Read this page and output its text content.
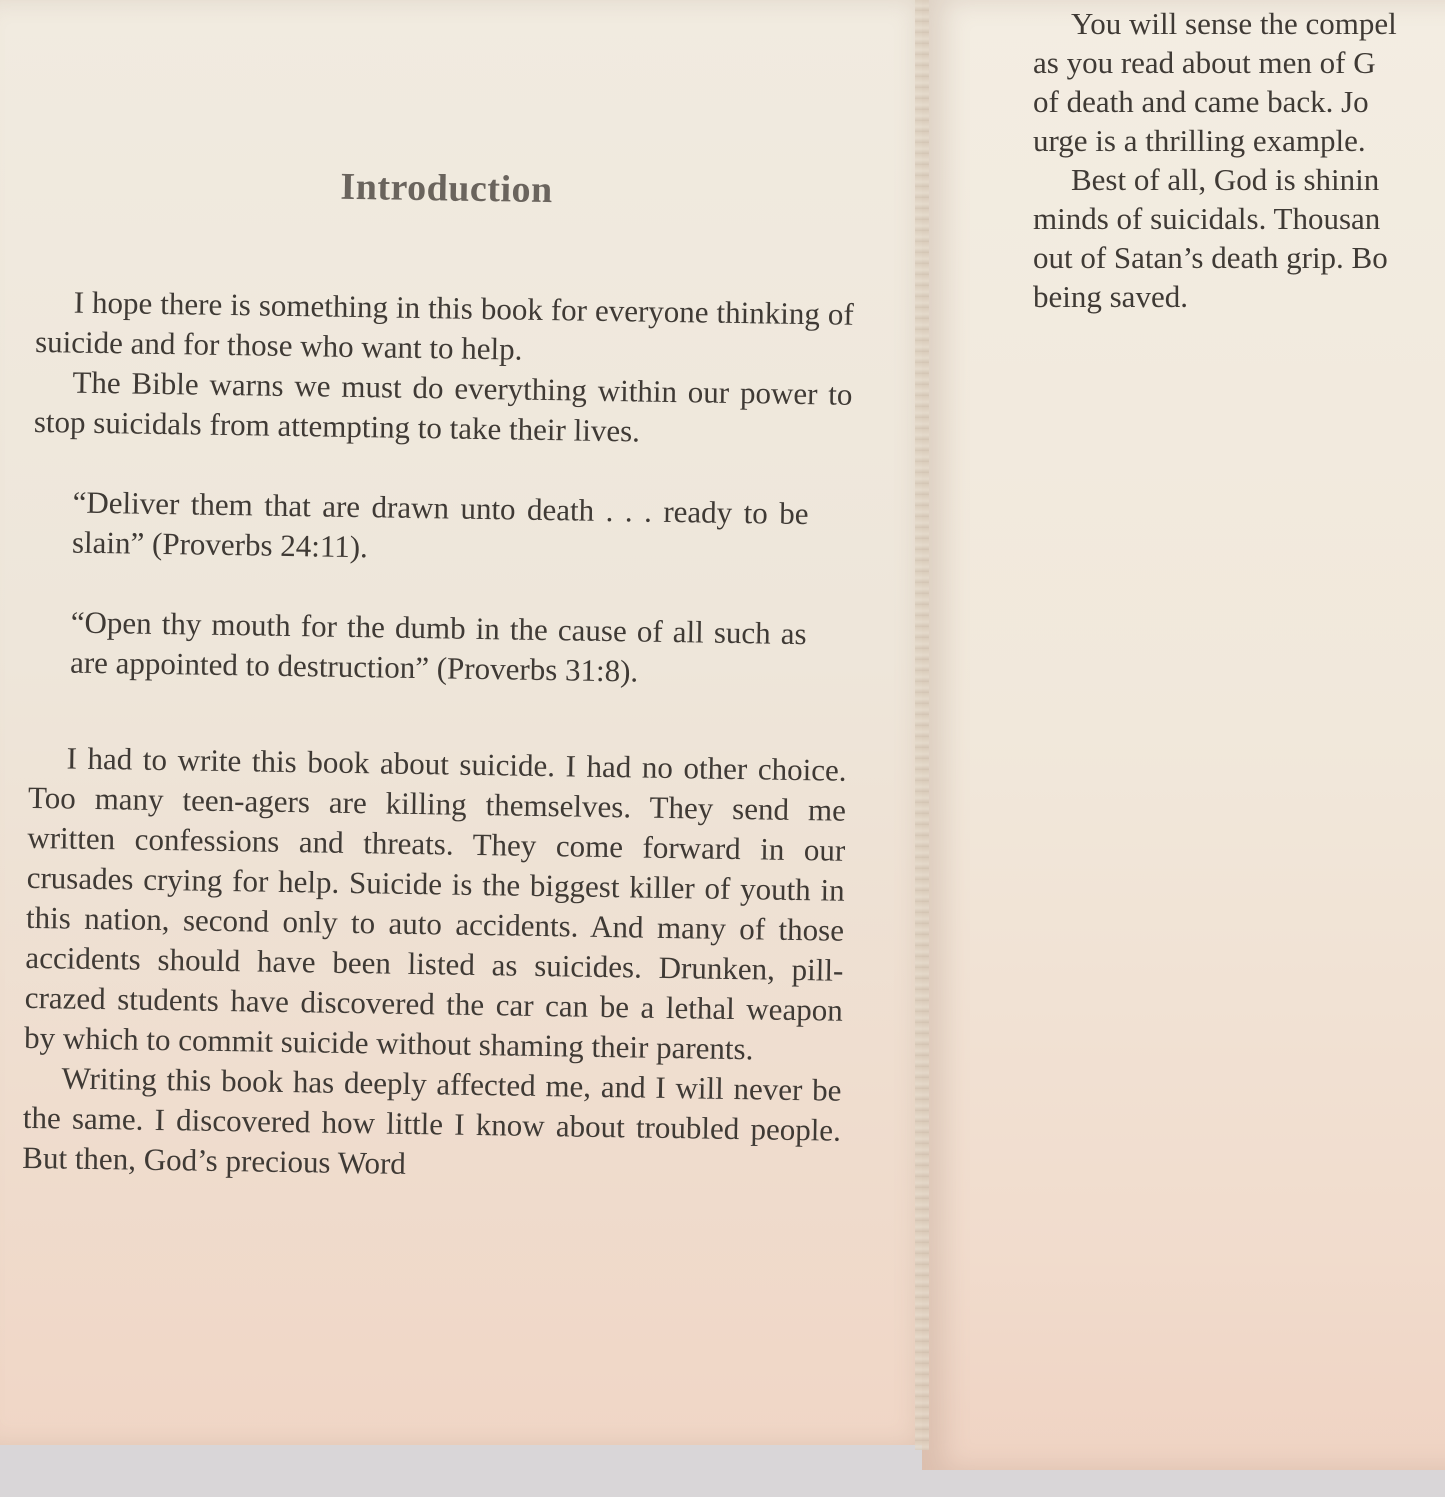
Introduction

I hope there is something in this book for everyone thinking of suicide and for those who want to help.

The Bible warns we must do everything within our power to stop suicidals from attempting to take their lives.

“Deliver them that are drawn unto death . . . ready to be slain” (Proverbs 24:11).

“Open thy mouth for the dumb in the cause of all such as are appointed to destruction” (Proverbs 31:8).

I had to write this book about suicide. I had no other choice. Too many teen-agers are killing themselves. They send me written confessions and threats. They come forward in our crusades crying for help. Suicide is the biggest killer of youth in this nation, second only to auto accidents. And many of those accidents should have been listed as suicides. Drunken, pill-crazed students have discovered the car can be a lethal weapon by which to commit suicide without shaming their parents.

Writing this book has deeply affected me, and I will never be the same. I discovered how little I know about troubled people. But then, God’s precious Word

You will sense the compel
as you read about men of G
of death and came back. Jo
urge is a thrilling example.
Best of all, God is shinin
minds of suicidals. Thousan
out of Satan’s death grip. Bo
being saved.
